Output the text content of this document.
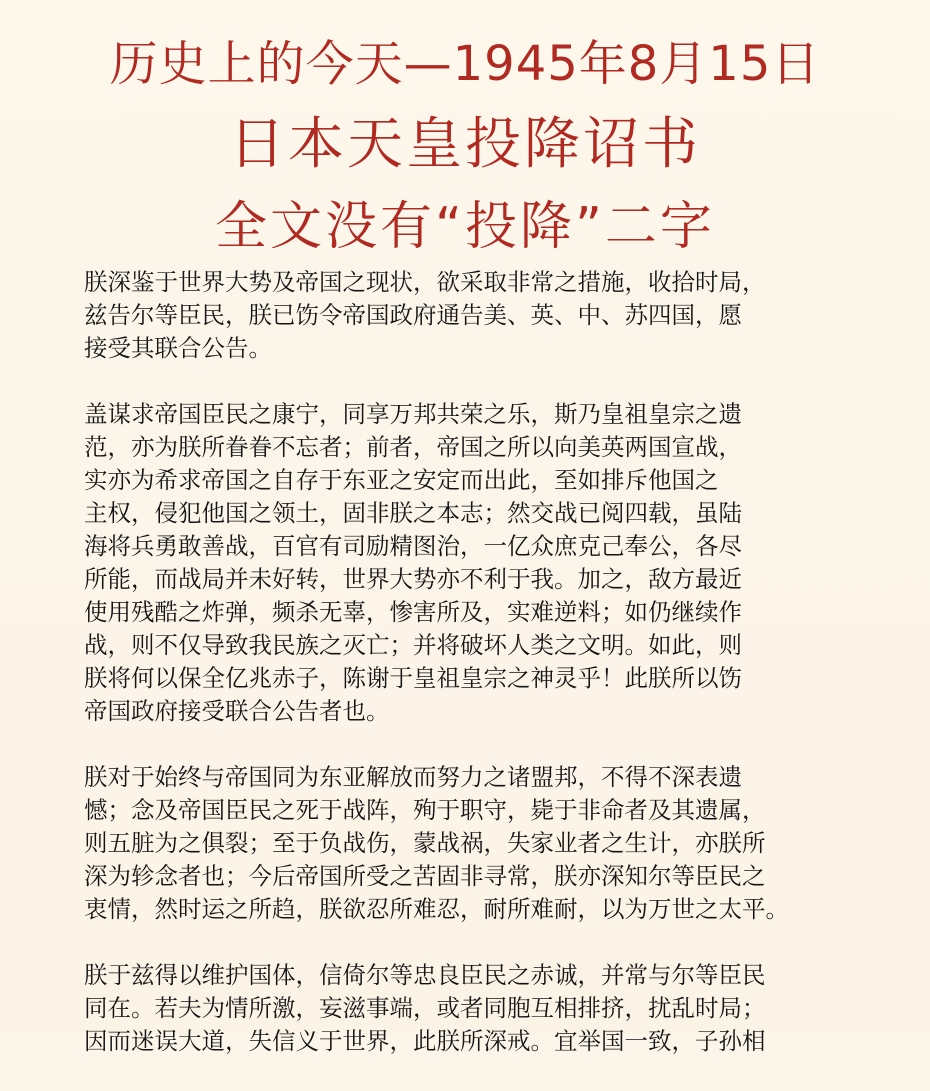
历史上的今天—1945年8月15日
日本天皇投降诏书
全文没有“投降”二字
朕深鉴于世界大势及帝国之现状，欲采取非常之措施，收拾时局，
兹告尔等臣民，朕已饬令帝国政府通告美、英、中、苏四国，愿
接受其联合公告。
盖谋求帝国臣民之康宁，同享万邦共荣之乐，斯乃皇祖皇宗之遗
范，亦为朕所眷眷不忘者；前者，帝国之所以向美英两国宣战，
实亦为希求帝国之自存于东亚之安定而出此，至如排斥他国之
主权，侵犯他国之领土，固非朕之本志；然交战已阅四载，虽陆
海将兵勇敢善战，百官有司励精图治，一亿众庶克己奉公，各尽
所能，而战局并未好转，世界大势亦不利于我。加之，敌方最近
使用残酷之炸弹，频杀无辜，惨害所及，实难逆料；如仍继续作
战，则不仅导致我民族之灭亡；并将破坏人类之文明。如此，则
朕将何以保全亿兆赤子，陈谢于皇祖皇宗之神灵乎！此朕所以饬
帝国政府接受联合公告者也。
朕对于始终与帝国同为东亚解放而努力之诸盟邦，不得不深表遗
憾；念及帝国臣民之死于战阵，殉于职守，毙于非命者及其遗属，
则五脏为之俱裂；至于负战伤，蒙战祸，失家业者之生计，亦朕所
深为轸念者也；今后帝国所受之苦固非寻常，朕亦深知尔等臣民之
衷情，然时运之所趋，朕欲忍所难忍，耐所难耐，以为万世之太平。
朕于兹得以维护国体，信倚尔等忠良臣民之赤诚，并常与尔等臣民
同在。若夫为情所激，妄滋事端，或者同胞互相排挤，扰乱时局；
因而迷误大道，失信义于世界，此朕所深戒。宜举国一致，子孙相
